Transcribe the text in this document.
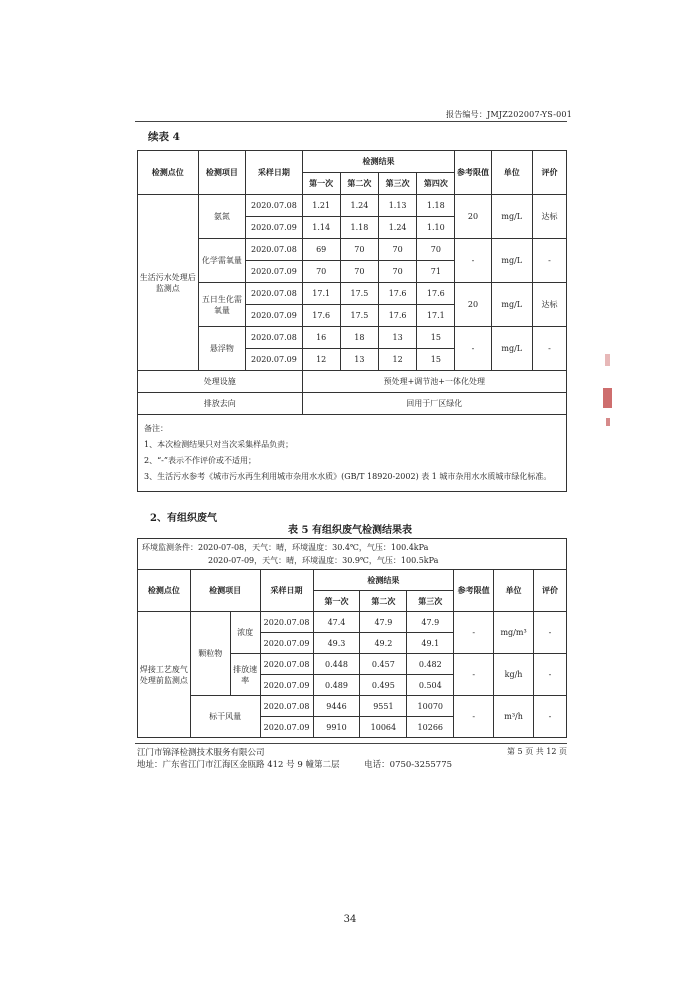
报告编号：JMJZ202007-YS-001
续表 4
检测点位	检测项目	采样日期	检测结果				参考限值	单位	评价
			第一次	第二次	第三次	第四次			
生活污水处理后监测点	氨氮	2020.07.08	1.21	1.24	1.13	1.18	20	mg/L	达标
		2020.07.09	1.14	1.18	1.24	1.10			
	化学需氧量	2020.07.08	69	70	70	70	-	mg/L	-
		2020.07.09	70	70	70	71			
	五日生化需氧量	2020.07.08	17.1	17.5	17.6	17.6	20	mg/L	达标
		2020.07.09	17.6	17.5	17.6	17.1			
	悬浮物	2020.07.08	16	18	13	15	-	mg/L	-
		2020.07.09	12	13	12	15			
处理设施			预处理+调节池+一体化处理						
排放去向			回用于厂区绿化						

备注：
1、本次检测结果只对当次采集样品负责；
2、“-”表示不作评价或不适用；
3、生活污水参考《城市污水再生利用城市杂用水水质》(GB/T 18920-2002) 表 1 城市杂用水水质城市绿化标准。									
2、有组织废气
表 5 有组织废气检测结果表
环境监测条件：2020-07-08，天气：晴，环境温度：30.4℃，气压：100.4kPa
2020-07-09，天气：晴，环境温度：30.9℃，气压：100.5kPa									

检测点位	检测项目		采样日期	检测结果			参考限值	单位	评价
				第一次	第二次	第三次			
焊接工艺废气处理前监测点	颗粒物	浓度	2020.07.08	47.4	47.9	47.9	-	mg/m³	-
			2020.07.09	49.3	49.2	49.1			
		排放速率	2020.07.08	0.448	0.457	0.482	-	kg/h	-
			2020.07.09	0.489	0.495	0.504			
	标干风量		2020.07.08	9446	9551	10070	-	m³/h	-
			2020.07.09	9910	10064	10266			
江门市锦泽检测技术服务有限公司	第 5 页 共 12 页
地址：广东省江门市江海区金瓯路 412 号 9 幢第二层	电话：0750-3255775
34
